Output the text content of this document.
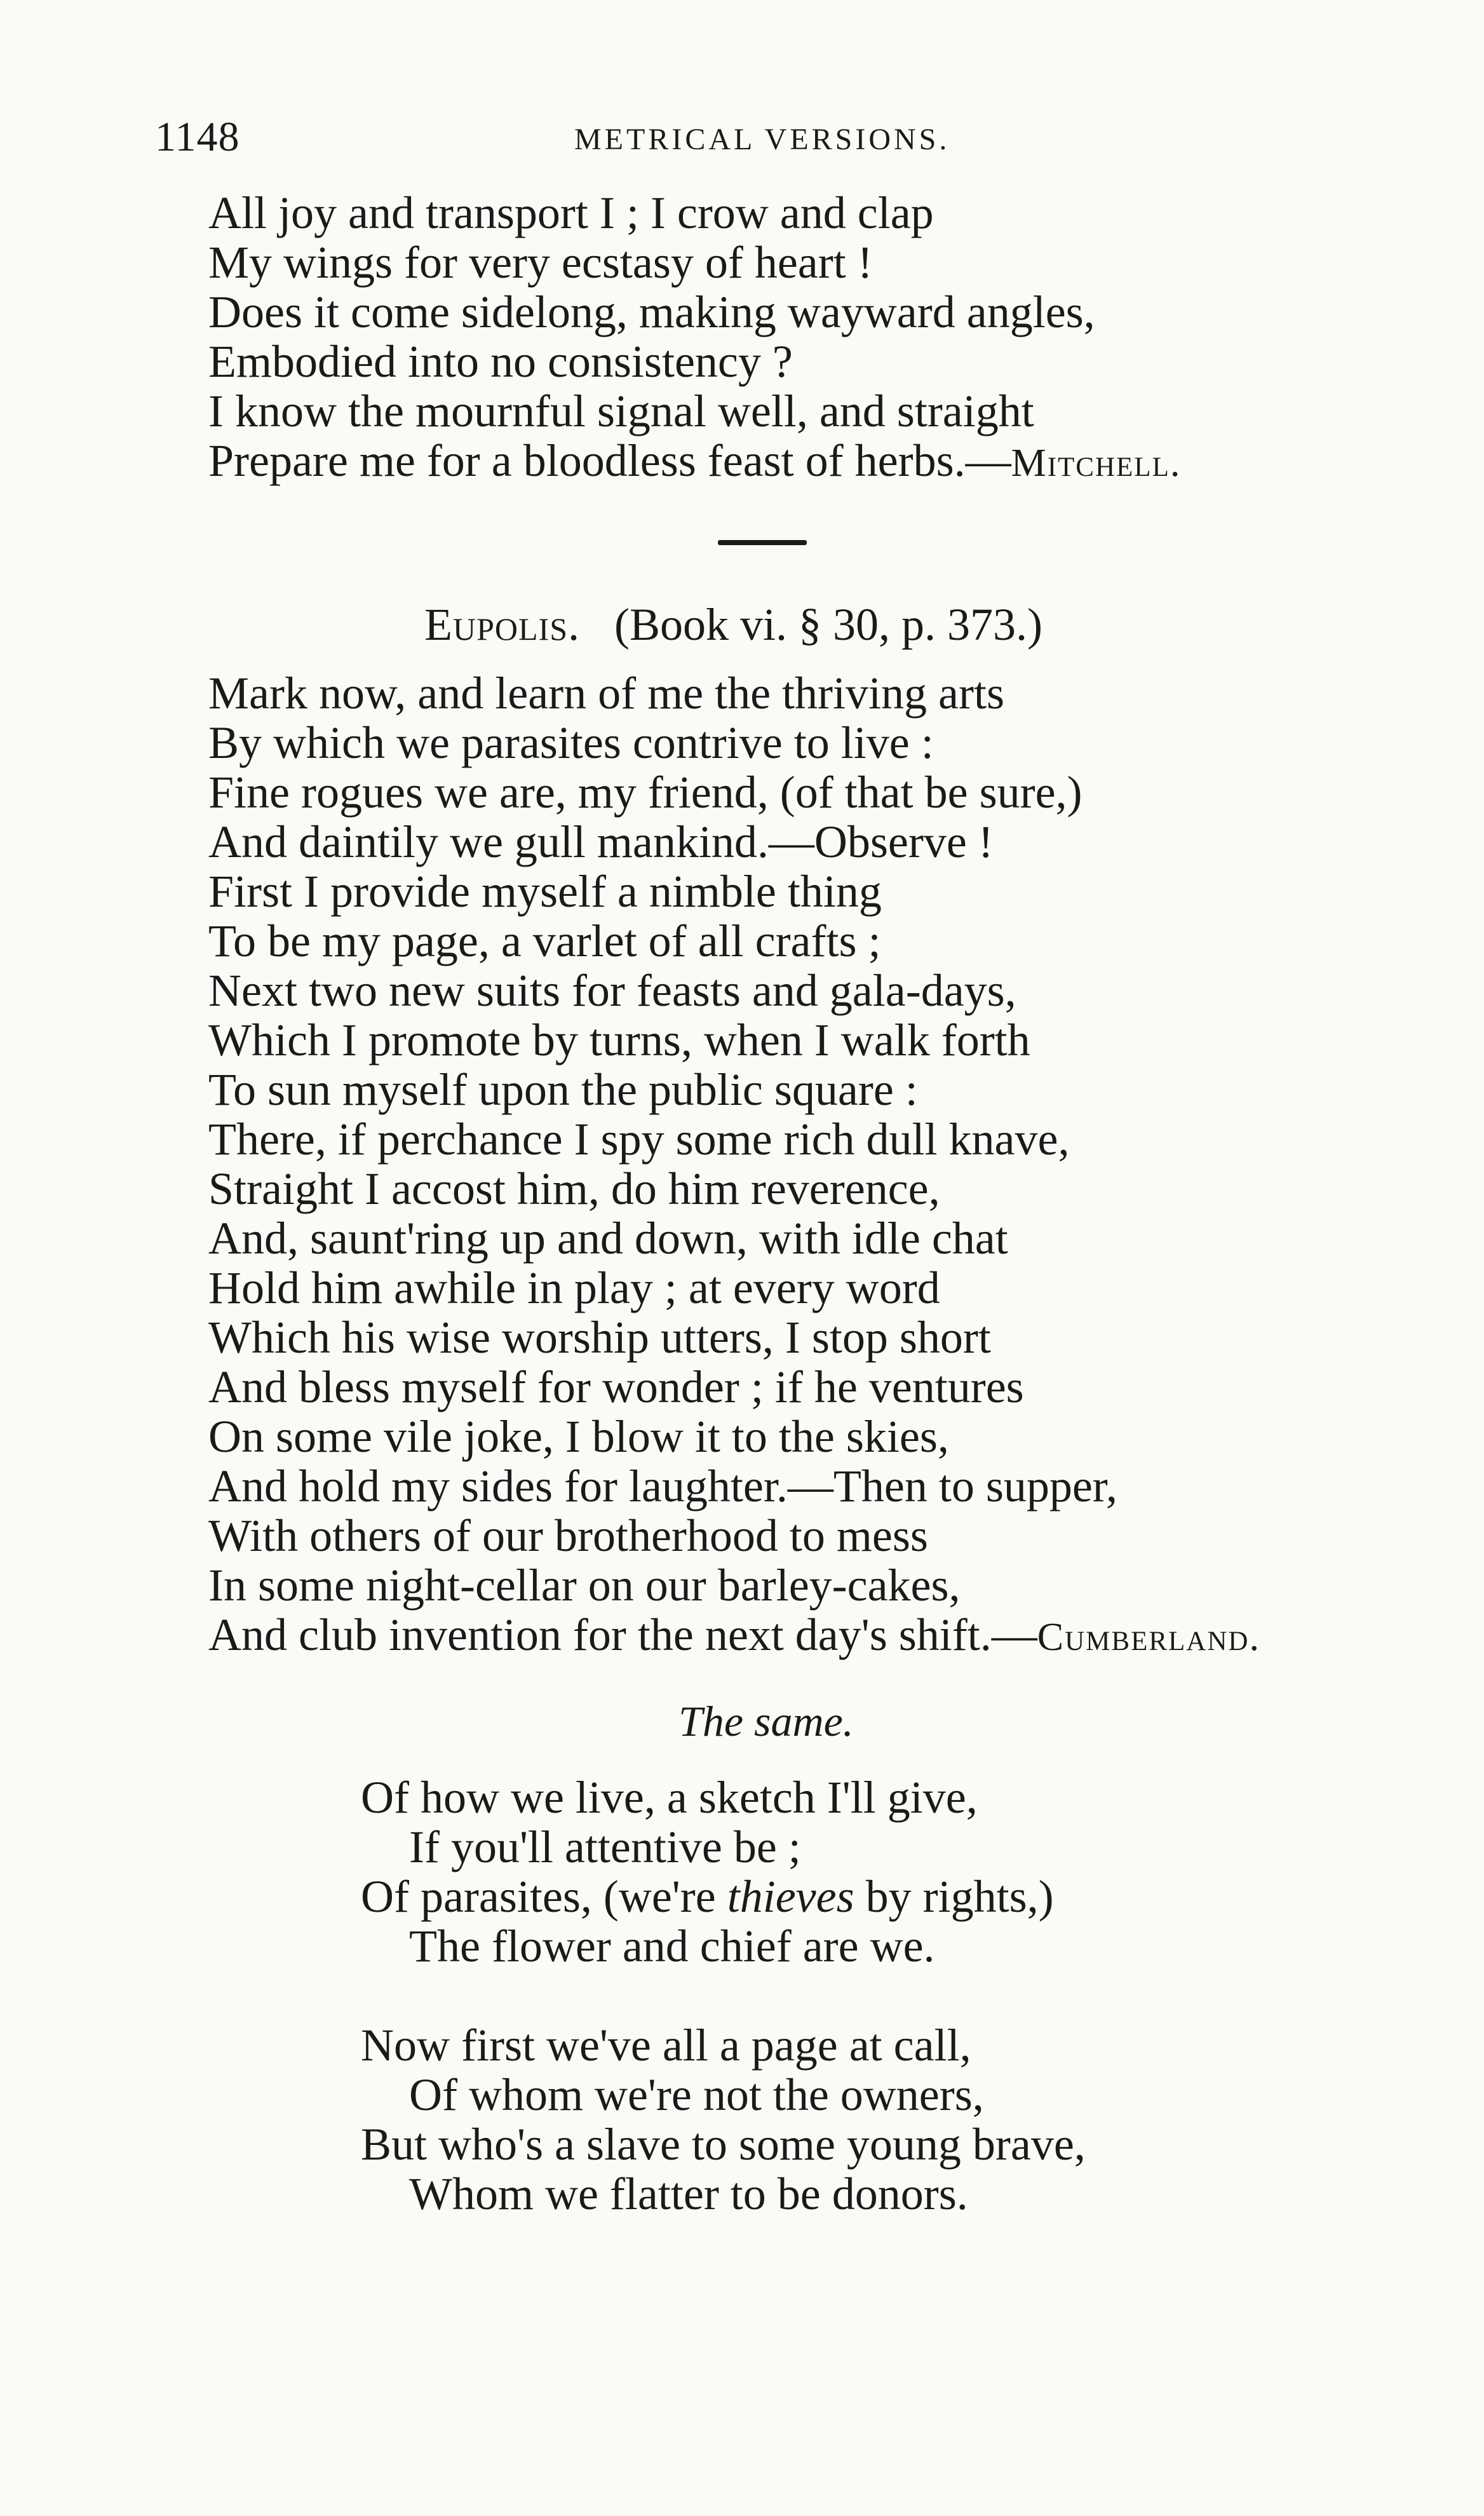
1148	METRICAL VERSIONS.
All joy and transport I ; I crow and clap
My wings for very ecstasy of heart !
Does it come sidelong, making wayward angles,
Embodied into no consistency ?
I know the mournful signal well, and straight
Prepare me for a bloodless feast of herbs.—Mitchell.
Eupolis. (Book vi. § 30, p. 373.)
Mark now, and learn of me the thriving arts
By which we parasites contrive to live :
Fine rogues we are, my friend, (of that be sure,)
And daintily we gull mankind.—Observe !
First I provide myself a nimble thing
To be my page, a varlet of all crafts ;
Next two new suits for feasts and gala-days,
Which I promote by turns, when I walk forth
To sun myself upon the public square :
There, if perchance I spy some rich dull knave,
Straight I accost him, do him reverence,
And, saunt'ring up and down, with idle chat
Hold him awhile in play ; at every word
Which his wise worship utters, I stop short
And bless myself for wonder ; if he ventures
On some vile joke, I blow it to the skies,
And hold my sides for laughter.—Then to supper,
With others of our brotherhood to mess
In some night-cellar on our barley-cakes,
And club invention for the next day's shift.—Cumberland.
The same.
Of how we live, a sketch I'll give,
If you'll attentive be ;
Of parasites, (we're thieves by rights,)
The flower and chief are we.
Now first we've all a page at call,
Of whom we're not the owners,
But who's a slave to some young brave,
Whom we flatter to be donors.
